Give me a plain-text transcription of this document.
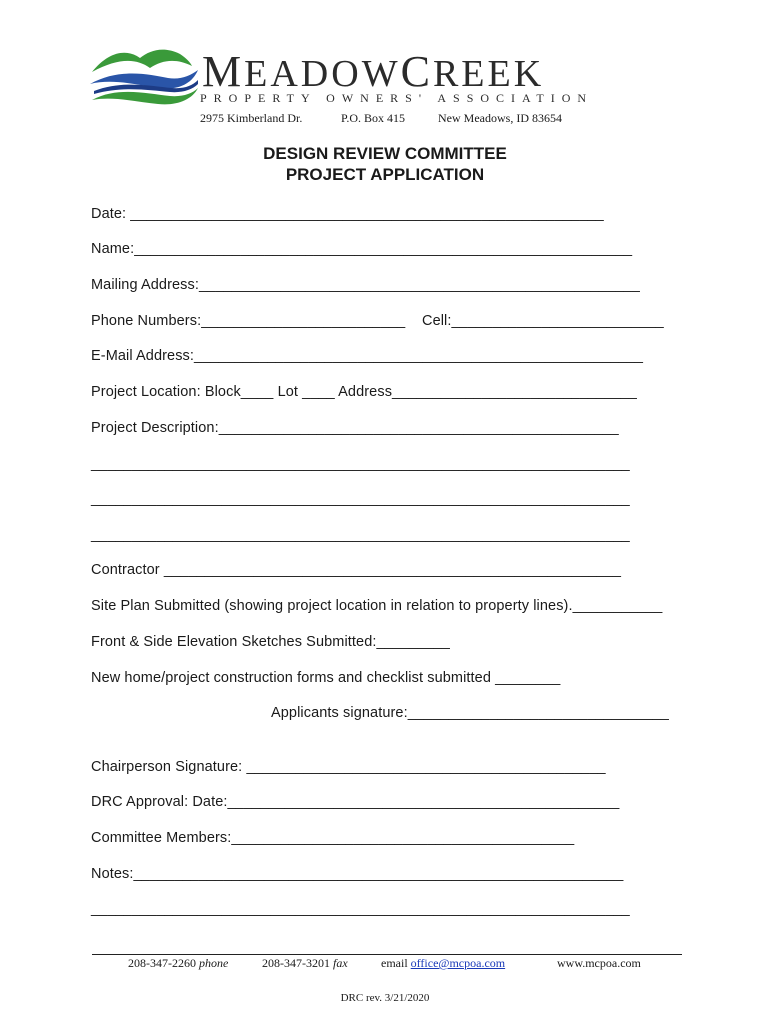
MEADOWCREEK
PROPERTY OWNERS' ASSOCIATION
2975 Kimberland Dr.	P.O. Box 415	New Meadows, ID 83654
DESIGN REVIEW COMMITTEE
PROJECT APPLICATION
Date: __________________________________________________________
Name:_____________________________________________________________
Mailing Address:______________________________________________________
Phone Numbers:_________________________ Cell:__________________________
E-Mail Address:_______________________________________________________
Project Location: Block____ Lot ____ Address______________________________
Project Description:_________________________________________________
__________________________________________________________________
__________________________________________________________________
__________________________________________________________________
Contractor ________________________________________________________
Site Plan Submitted (showing project location in relation to property lines).___________
Front & Side Elevation Sketches Submitted:_________
New home/project construction forms and checklist submitted ________
Applicants signature:________________________________
Chairperson Signature: ____________________________________________
DRC Approval: Date:________________________________________________
Committee Members:__________________________________________
Notes:____________________________________________________________
__________________________________________________________________
208-347-2260 phone	208-347-3201 fax	email office@mcpoa.com	www.mcpoa.com
DRC rev. 3/21/2020
